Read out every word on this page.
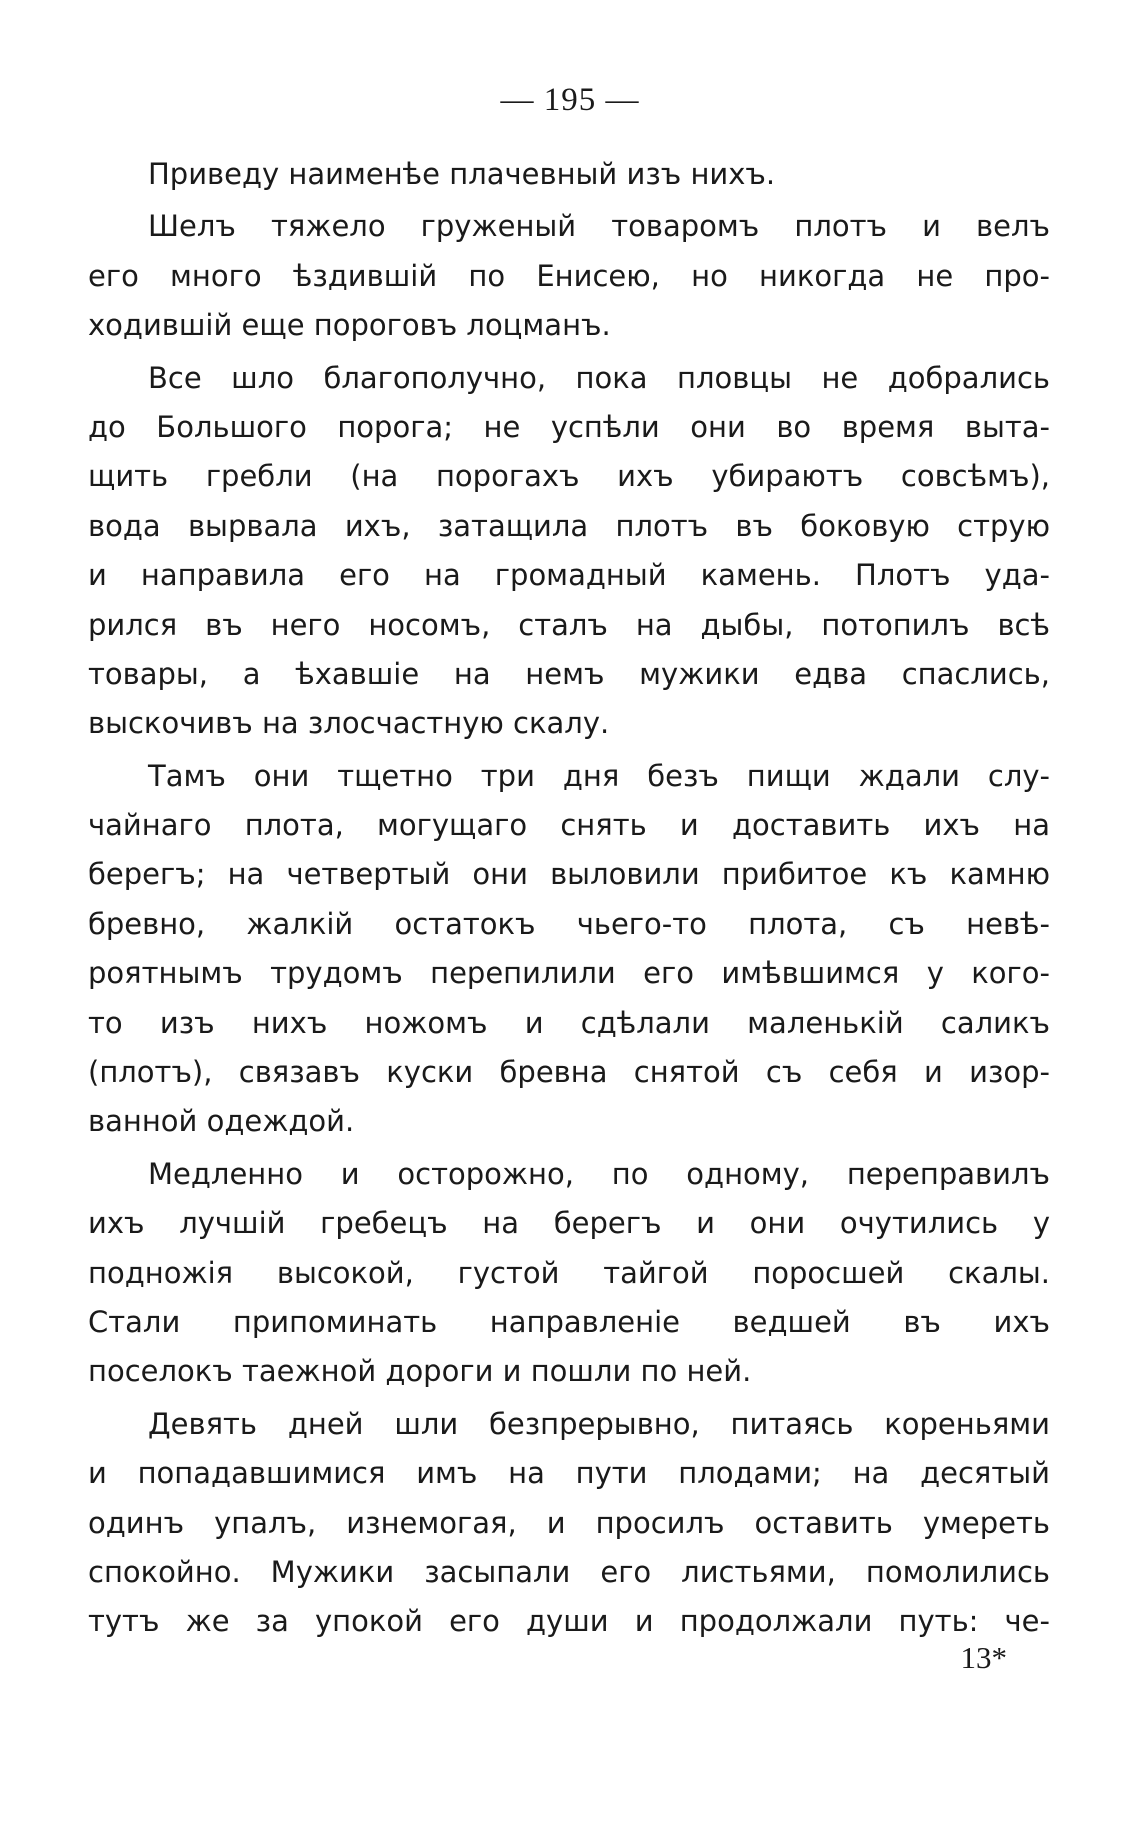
— 195 —
Приведу наименѣе плачевный изъ нихъ.
Шелъ тяжело груженый товаромъ плотъ и велъ
его много ѣздившій по Енисею, но никогда не про-
ходившій еще пороговъ лоцманъ.
Все шло благополучно, пока пловцы не добрались
до Большого порога; не успѣли они во время выта-
щить гребли (на порогахъ ихъ убираютъ совсѣмъ),
вода вырвала ихъ, затащила плотъ въ боковую струю
и направила его на громадный камень. Плотъ уда-
рился въ него носомъ, сталъ на дыбы, потопилъ всѣ
товары, а ѣхавшіе на немъ мужики едва спаслись,
выскочивъ на злосчастную скалу.
Тамъ они тщетно три дня безъ пищи ждали слу-
чайнаго плота, могущаго снять и доставить ихъ на
берегъ; на четвертый они выловили прибитое къ камню
бревно, жалкій остатокъ чьего-то плота, съ невѣ-
роятнымъ трудомъ перепилили его имѣвшимся у кого-
то изъ нихъ ножомъ и сдѣлали маленькій саликъ
(плотъ), связавъ куски бревна снятой съ себя и изор-
ванной одеждой.
Медленно и осторожно, по одному, переправилъ
ихъ лучшій гребецъ на берегъ и они очутились у
подножія высокой, густой тайгой поросшей скалы.
Стали припоминать направленіе ведшей въ ихъ
поселокъ таежной дороги и пошли по ней.
Девять дней шли безпрерывно, питаясь кореньями
и попадавшимися имъ на пути плодами; на десятый
одинъ упалъ, изнемогая, и просилъ оставить умереть
спокойно. Мужики засыпали его листьями, помолились
тутъ же за упокой его души и продолжали путь: че-
13*
